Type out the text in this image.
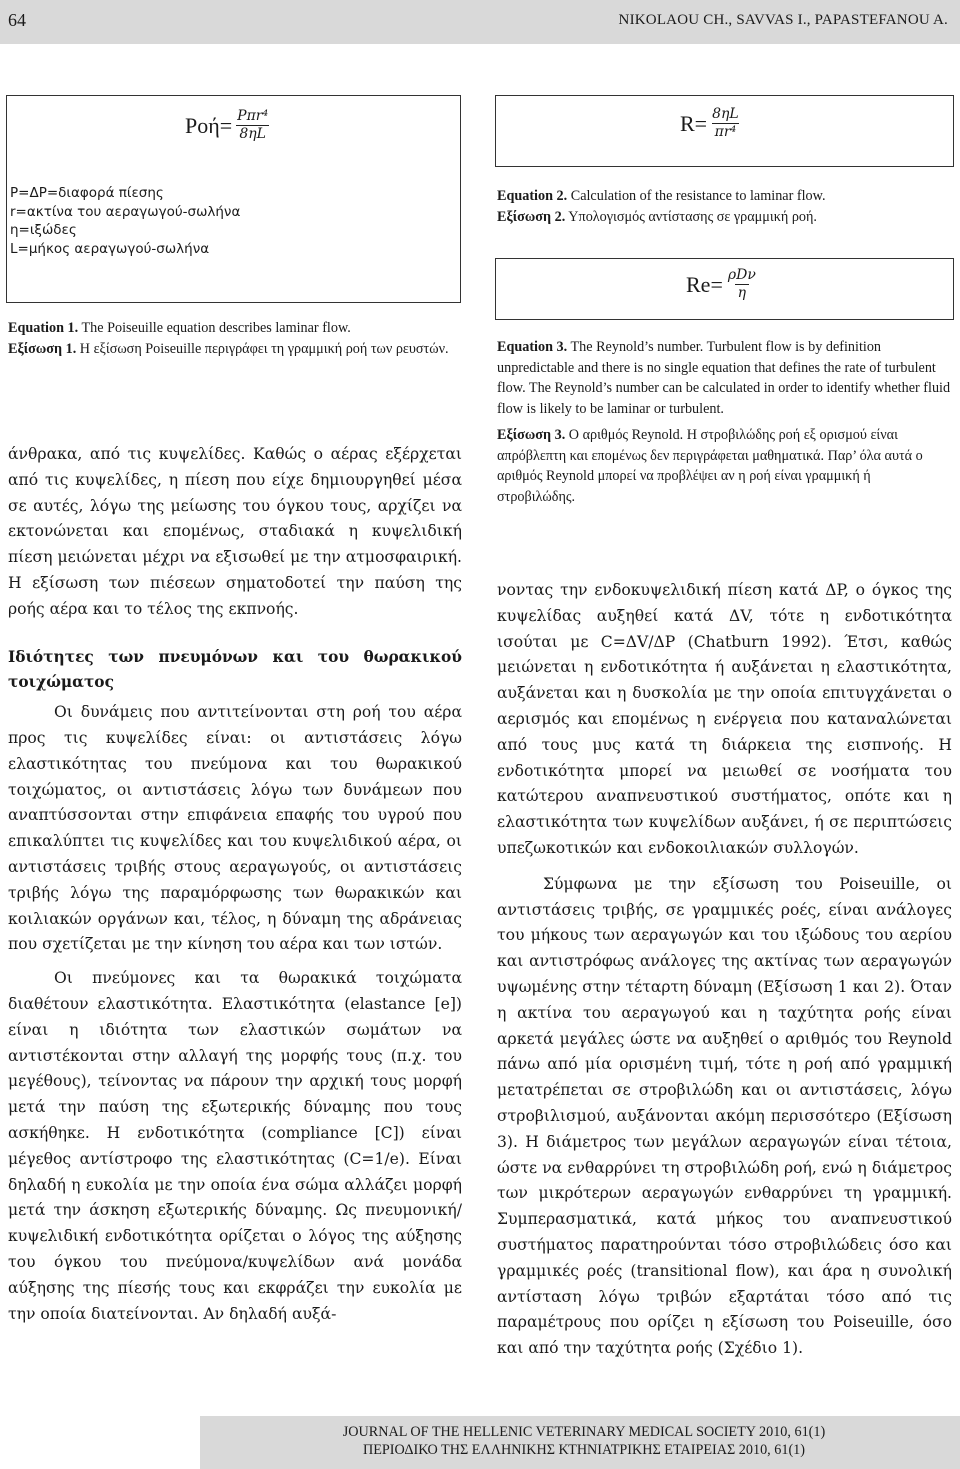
64	NIKOLAOU CH., SAVVAS I., PAPASTEFANOU A.
$Poή= \frac{\text{Pπr⁴}}{8\eta L}$
P=ΔP=διαφορά πίεσης
r=ακτίνα του αεραγωγού-σωλήνα
η=ιξώδες
L=μήκος αεραγωγού-σωλήνα
Equation 1. The Poiseuille equation describes laminar flow.
Εξίσωση 1. Η εξίσωση Poiseuille περιγράφει τη γραμμική ροή των ρευστών.
$R= \frac{8\eta L}{\text{πr⁴}}$
Equation 2. Calculation of the resistance to laminar flow.
Εξίσωση 2. Υπολογισμός αντίστασης σε γραμμική ροή.
$Re= \frac{\text{ρDν}}{\eta}$
Equation 3. The Reynold’s number. Turbulent flow is by definition unpredictable and there is no single equation that defines the rate of turbulent flow. The Reynold’s number can be calculated in order to identify whether fluid flow is likely to be laminar or turbulent.
Εξίσωση 3. Ο αριθμός Reynold. Η στροβιλώδης ροή εξ ορισμού είναι απρόβλεπτη και επομένως δεν περιγράφεται μαθηματικά. Παρ’ όλα αυτά ο αριθμός Reynold μπορεί να προβλέψει αν η ροή είναι γραμμική ή στροβιλώδης.

άνθρακα, από τις κυψελίδες. Καθώς ο αέρας εξέρχεται από τις κυψελίδες, η πίεση που είχε δημιουργηθεί μέσα σε αυτές, λόγω της μείωσης του όγκου τους, αρχίζει να εκτονώνεται και επομένως, σταδιακά η κυψελιδική πίεση μειώνεται μέχρι να εξισωθεί με την ατμοσφαιρική. Η εξίσωση των πιέσεων σηματοδοτεί την παύση της ροής αέρα και το τέλος της εκπνοής.

Ιδιότητες των πνευμόνων και του θωρακικού τοιχώματος

Οι δυνάμεις που αντιτείνονται στη ροή του αέρα προς τις κυψελίδες είναι: οι αντιστάσεις λόγω ελαστικότητας του πνεύμονα και του θωρακικού τοιχώματος, οι αντιστάσεις λόγω των δυνάμεων που αναπτύσσονται στην επιφάνεια επαφής του υγρού που επικαλύπτει τις κυψελίδες και του κυψελιδικού αέρα, οι αντιστάσεις τριβής στους αεραγωγούς, οι αντιστάσεις τριβής λόγω της παραμόρφωσης των θωρακικών και κοιλιακών οργάνων και, τέλος, η δύναμη της αδράνειας που σχετίζεται με την κίνηση του αέρα και των ιστών.

Οι πνεύμονες και τα θωρακικά τοιχώματα διαθέτουν ελαστικότητα. Ελαστικότητα (elastance [e]) είναι η ιδιότητα των ελαστικών σωμάτων να αντιστέκονται στην αλλαγή της μορφής τους (π.χ. του μεγέθους), τείνοντας να πάρουν την αρχική τους μορφή μετά την παύση της εξωτερικής δύναμης που τους ασκήθηκε. Η ενδοτικότητα (compliance [C]) είναι μέγεθος αντίστροφο της ελαστικότητας (C=1/e). Είναι δηλαδή η ευκολία με την οποία ένα σώμα αλλάζει μορφή μετά την άσκηση εξωτερικής δύναμης. Ως πνευμονική/κυψελιδική ενδοτικότητα ορίζεται ο λόγος της αύξησης του όγκου του πνεύμονα/κυψελίδων ανά μονάδα αύξησης της πίεσής τους και εκφράζει την ευκολία με την οποία διατείνονται. Αν δηλαδή αυξά-

νοντας την ενδοκυψελιδική πίεση κατά ΔP, ο όγκος της κυψελίδας αυξηθεί κατά ΔV, τότε η ενδοτικότητα ισούται με C=ΔV/ΔP (Chatburn 1992). Έτσι, καθώς μειώνεται η ενδοτικότητα ή αυξάνεται η ελαστικότητα, αυξάνεται και η δυσκολία με την οποία επιτυγχάνεται ο αερισμός και επομένως η ενέργεια που καταναλώνεται από τους μυς κατά τη διάρκεια της εισπνοής. Η ενδοτικότητα μπορεί να μειωθεί σε νοσήματα του κατώτερου αναπνευστικού συστήματος, οπότε και η ελαστικότητα των κυψελίδων αυξάνει, ή σε περιπτώσεις υπεζωκοτικών και ενδοκοιλιακών συλλογών.

Σύμφωνα με την εξίσωση του Poiseuille, οι αντιστάσεις τριβής, σε γραμμικές ροές, είναι ανάλογες του μήκους των αεραγωγών και του ιξώδους του αερίου και αντιστρόφως ανάλογες της ακτίνας των αεραγωγών υψωμένης στην τέταρτη δύναμη (Εξίσωση 1 και 2). Όταν η ακτίνα του αεραγωγού και η ταχύτητα ροής είναι αρκετά μεγάλες ώστε να αυξηθεί ο αριθμός του Reynold πάνω από μία ορισμένη τιμή, τότε η ροή από γραμμική μετατρέπεται σε στροβιλώδη και οι αντιστάσεις, λόγω στροβιλισμού, αυξάνονται ακόμη περισσότερο (Εξίσωση 3). Η διάμετρος των μεγάλων αεραγωγών είναι τέτοια, ώστε να ενθαρρύνει τη στροβιλώδη ροή, ενώ η διάμετρος των μικρότερων αεραγωγών ενθαρρύνει τη γραμμική. Συμπερασματικά, κατά μήκος του αναπνευστικού συστήματος παρατηρούνται τόσο στροβιλώδεις όσο και γραμμικές ροές (transitional flow), και άρα η συνολική αντίσταση λόγω τριβών εξαρτάται τόσο από τις παραμέτρους που ορίζει η εξίσωση του Poiseuille, όσο και από την ταχύτητα ροής (Σχέδιο 1).

JOURNAL OF THE HELLENIC VETERINARY MEDICAL SOCIETY 2010, 61(1)
ΠΕΡΙΟΔΙΚΟ ΤΗΣ ΕΛΛΗΝΙΚΗΣ ΚΤΗΝΙΑΤΡΙΚΗΣ ΕΤΑΙΡΕΙΑΣ 2010, 61(1)
